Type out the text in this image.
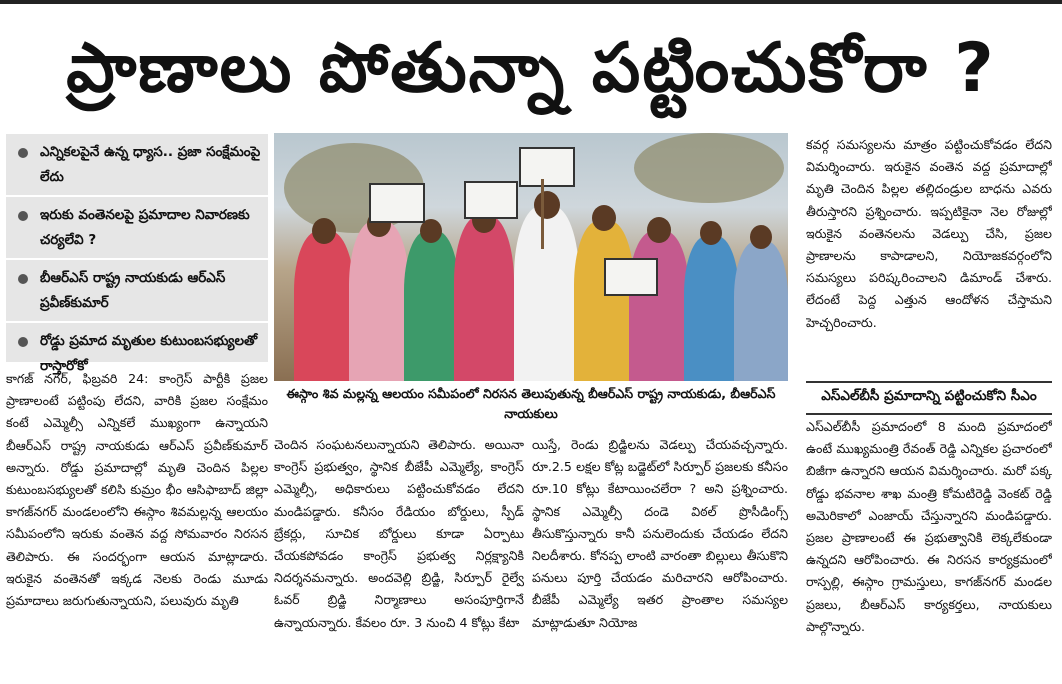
ప్రాణాలు పోతున్నా పట్టించుకోరా ?
ఎన్నికలపైనే ఉన్న ధ్యాస.. ప్రజా సంక్షేమంపై లేదు
ఇరుకు వంతెనలపై ప్రమాదాల నివారణకు చర్యలేవి ?
బీఆర్ఎస్ రాష్ట్ర నాయకుడు ఆర్ఎస్ ప్రవీణ్‌కుమార్
రోడ్డు ప్రమాద మృతుల కుటుంబసభ్యులతో రాస్తారోకో

కాగజ్ నగర్, ఫిబ్రవరి 24: కాంగ్రెస్ పార్టీకి ప్రజల ప్రాణాలంటే పట్టింపు లేదని, వారికి ప్రజల సంక్షేమం కంటే ఎమ్మెల్సీ ఎన్నికలే ముఖ్యంగా ఉన్నాయని బీఆర్ఎస్ రాష్ట్ర నాయకుడు ఆర్ఎస్ ప్రవీణ్‌కుమార్ అన్నారు. రోడ్డు ప్రమాదాల్లో మృతి చెందిన పిల్లల కుటుంబసభ్యులతో కలిసి కుమ్రం భీం ఆసిఫాబాద్ జిల్లా కాగజ్‌నగర్ మండలంలోని ఈస్గాం శివమల్లన్న ఆలయం సమీపంలోని ఇరుకు వంతెన వద్ద సోమవారం నిరసన తెలిపారు. ఈ సందర్భంగా ఆయన మాట్లాడారు. ఇరుకైన వంతెనతో ఇక్కడ నెలకు రెండు మూడు ప్రమాదాలు జరుగుతున్నాయని, పలువురు మృతి

ఈస్గాం శివ మల్లన్న ఆలయం సమీపంలో నిరసన తెలుపుతున్న బీఆర్ఎస్ రాష్ట్ర నాయకుడు, బీఆర్ఎస్ నాయకులు

చెందిన సంఘటనలున్నాయని తెలిపారు. అయినా కాంగ్రెస్ ప్రభుత్వం, స్థానిక బీజేపీ ఎమ్మెల్యే, కాంగ్రెస్ ఎమ్మెల్సీ, అధికారులు పట్టించుకోవడం లేదని మండిపడ్డారు. కనీసం రేడియం బోర్డులు, స్పీడ్ బ్రేకర్లు, సూచిక బోర్డులు కూడా ఏర్పాటు చేయకపోవడం కాంగ్రెస్ ప్రభుత్వ నిర్లక్ష్యానికి నిదర్శనమన్నారు. అందవెల్లి బ్రిడ్జి, సిర్పూర్ రైల్వే ఓవర్ బ్రిడ్జి నిర్మాణాలు అసంపూర్తిగానే ఉన్నాయన్నారు. కేవలం రూ. 3 నుంచి 4 కోట్లు కేటా

యిస్తే, రెండు బ్రిడ్జిలను వెడల్పు చేయవచ్చన్నారు. రూ.2.5 లక్షల కోట్ల బడ్జెట్‌లో సిర్పూర్ ప్రజలకు కనీసం రూ.10 కోట్లు కేటాయించలేరా ? అని ప్రశ్నించారు. స్థానిక ఎమ్మెల్సీ దండె విఠల్ ప్రొసీడింగ్స్ తీసుకొస్తున్నారు కానీ పనులెందుకు చేయడం లేదని నిలదీశారు. కోనప్ప లాంటి వారంతా బిల్లులు తీసుకొని పనులు పూర్తి చేయడం మరిచారని ఆరోపించారు. బీజేపీ ఎమ్మెల్యే ఇతర ప్రాంతాల సమస్యల మాట్లాడుతూ నియోజ

కవర్గ సమస్యలను మాత్రం పట్టించుకోవడం లేదని విమర్శించారు. ఇరుకైన వంతెన వద్ద ప్రమాదాల్లో మృతి చెందిన పిల్లల తల్లిదండ్రుల బాధను ఎవరు తీరుస్తారని ప్రశ్నించారు. ఇప్పటికైనా నెల రోజుల్లో ఇరుకైన వంతెనలను వెడల్పు చేసి, ప్రజల ప్రాణాలను కాపాడాలని, నియోజకవర్గంలోని సమస్యలు పరిష్కరించాలని డిమాండ్ చేశారు. లేదంటే పెద్ద ఎత్తున ఆందోళన చేస్తామని హెచ్చరించారు.

ఎస్ఎల్‌బీసీ ప్రమాదాన్ని పట్టించుకోని సీఎం

ఎస్ఎల్‌బీసీ ప్రమాదంలో 8 మంది ప్రమాదంలో ఉంటే ముఖ్యమంత్రి రేవంత్ రెడ్డి ఎన్నికల ప్రచారంలో బిజీగా ఉన్నారని ఆయన విమర్శించారు. మరో పక్క రోడ్డు భవనాల శాఖ మంత్రి కోమటిరెడ్డి వెంకట్ రెడ్డి అమెరికాలో ఎంజాయ్ చేస్తున్నారని మండిపడ్డారు. ప్రజల ప్రాణాలంటే ఈ ప్రభుత్వానికి లెక్కలేకుండా ఉన్నదని ఆరోపించారు. ఈ నిరసన కార్యక్రమంలో రాస్పల్లి, ఈస్గాం గ్రామస్తులు, కాగజ్‌నగర్ మండల ప్రజలు, బీఆర్ఎస్ కార్యకర్తలు, నాయకులు పాల్గొన్నారు.
